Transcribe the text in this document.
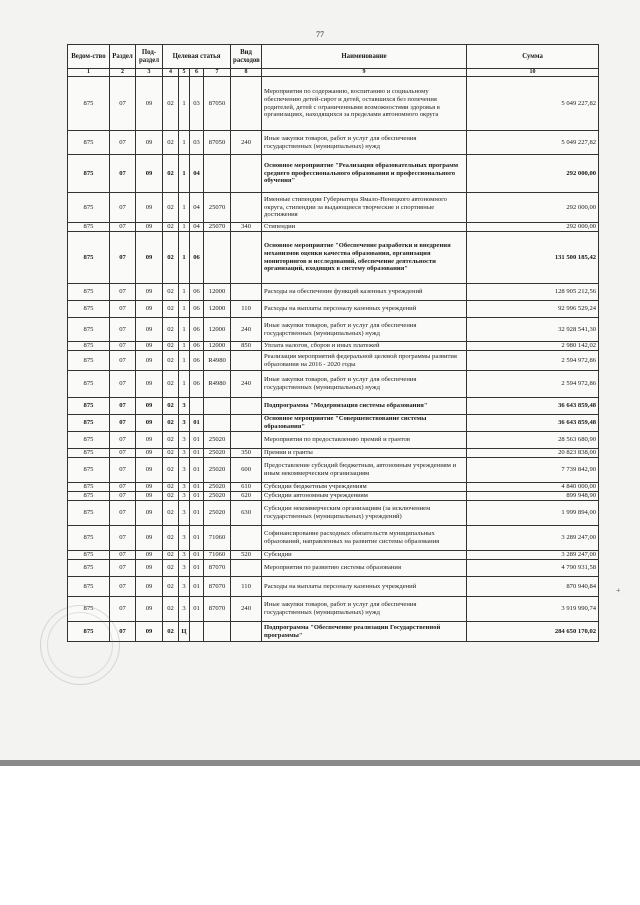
77
Ведом-ство	Раздел	Под-раздел	Целевая статья				Вид расходов	Наименование	Сумма
1	2	3	4	5	6	7	8	9	10
875	07	09	02	1	03	87050		Мероприятия по содержанию, воспитанию и социальному обеспечению детей-сирот и детей, оставшихся без попечения родителей, детей с ограниченными возможностями здоровья в организациях, находящихся за пределами автономного округа	5 049 227,82
875	07	09	02	1	03	87050	240	Иные закупки товаров, работ и услуг для обеспечения государственных (муниципальных) нужд	5 049 227,82
875	07	09	02	1	04			Основное мероприятие "Реализация образовательных программ среднего профессионального образования и профессионального обучения"	292 000,00
875	07	09	02	1	04	25070		Именные стипендии Губернатора Ямало-Ненецкого автономного округа, стипендии за выдающиеся творческие и спортивные достижения	292 000,00
875	07	09	02	1	04	25070	340	Стипендии	292 000,00
875	07	09	02	1	06			Основное мероприятие "Обеспечение разработки и внедрения механизмов оценки качества образования, организация мониторингов и исследований, обеспечение деятельности организаций, входящих в систему образования"	131 500 185,42
875	07	09	02	1	06	12000		Расходы на обеспечение функций казенных учреждений	128 905 212,56
875	07	09	02	1	06	12000	110	Расходы на выплаты персоналу казенных учреждений	92 996 529,24
875	07	09	02	1	06	12000	240	Иные закупки товаров, работ и услуг для обеспечения государственных (муниципальных) нужд	32 928 541,30
875	07	09	02	1	06	12000	850	Уплата налогов, сборов и иных платежей	2 980 142,02
875	07	09	02	1	06	R4980		Реализация мероприятий федеральной целевой программы развития образования на 2016 - 2020 годы	2 594 972,86
875	07	09	02	1	06	R4980	240	Иные закупки товаров, работ и услуг для обеспечения государственных (муниципальных) нужд	2 594 972,86
875	07	09	02	3				Подпрограмма "Модернизация системы образования"	36 643 859,48
875	07	09	02	3	01			Основное мероприятие "Совершенствование системы образования"	36 643 859,48
875	07	09	02	3	01	25020		Мероприятия по предоставлению премий и грантов	28 563 680,90
875	07	09	02	3	01	25020	350	Премии и гранты	20 823 838,00
875	07	09	02	3	01	25020	600	Предоставление субсидий бюджетным, автономным учреждениям и иным некоммерческим организациям	7 739 842,90
875	07	09	02	3	01	25020	610	Субсидии бюджетным учреждениям	4 840 000,00
875	07	09	02	3	01	25020	620	Субсидии автономным учреждениям	899 948,90
875	07	09	02	3	01	25020	630	Субсидии некоммерческим организациям (за исключением государственных (муниципальных) учреждений)	1 999 894,00
875	07	09	02	3	01	71060		Софинансирование расходных обязательств муниципальных образований, направленных на развитие системы образования	3 289 247,00
875	07	09	02	3	01	71060	520	Субсидии	3 289 247,00
875	07	09	02	3	01	87070		Мероприятия по развитию системы образования	4 790 931,58
875	07	09	02	3	01	87070	110	Расходы на выплаты персоналу казенных учреждений	870 940,84
875	07	09	02	3	01	87070	240	Иные закупки товаров, работ и услуг для обеспечения государственных (муниципальных) нужд	3 919 990,74
875	07	09	02	Ц				Подпрограмма "Обеспечение реализации Государственной программы"	284 650 170,02
+
